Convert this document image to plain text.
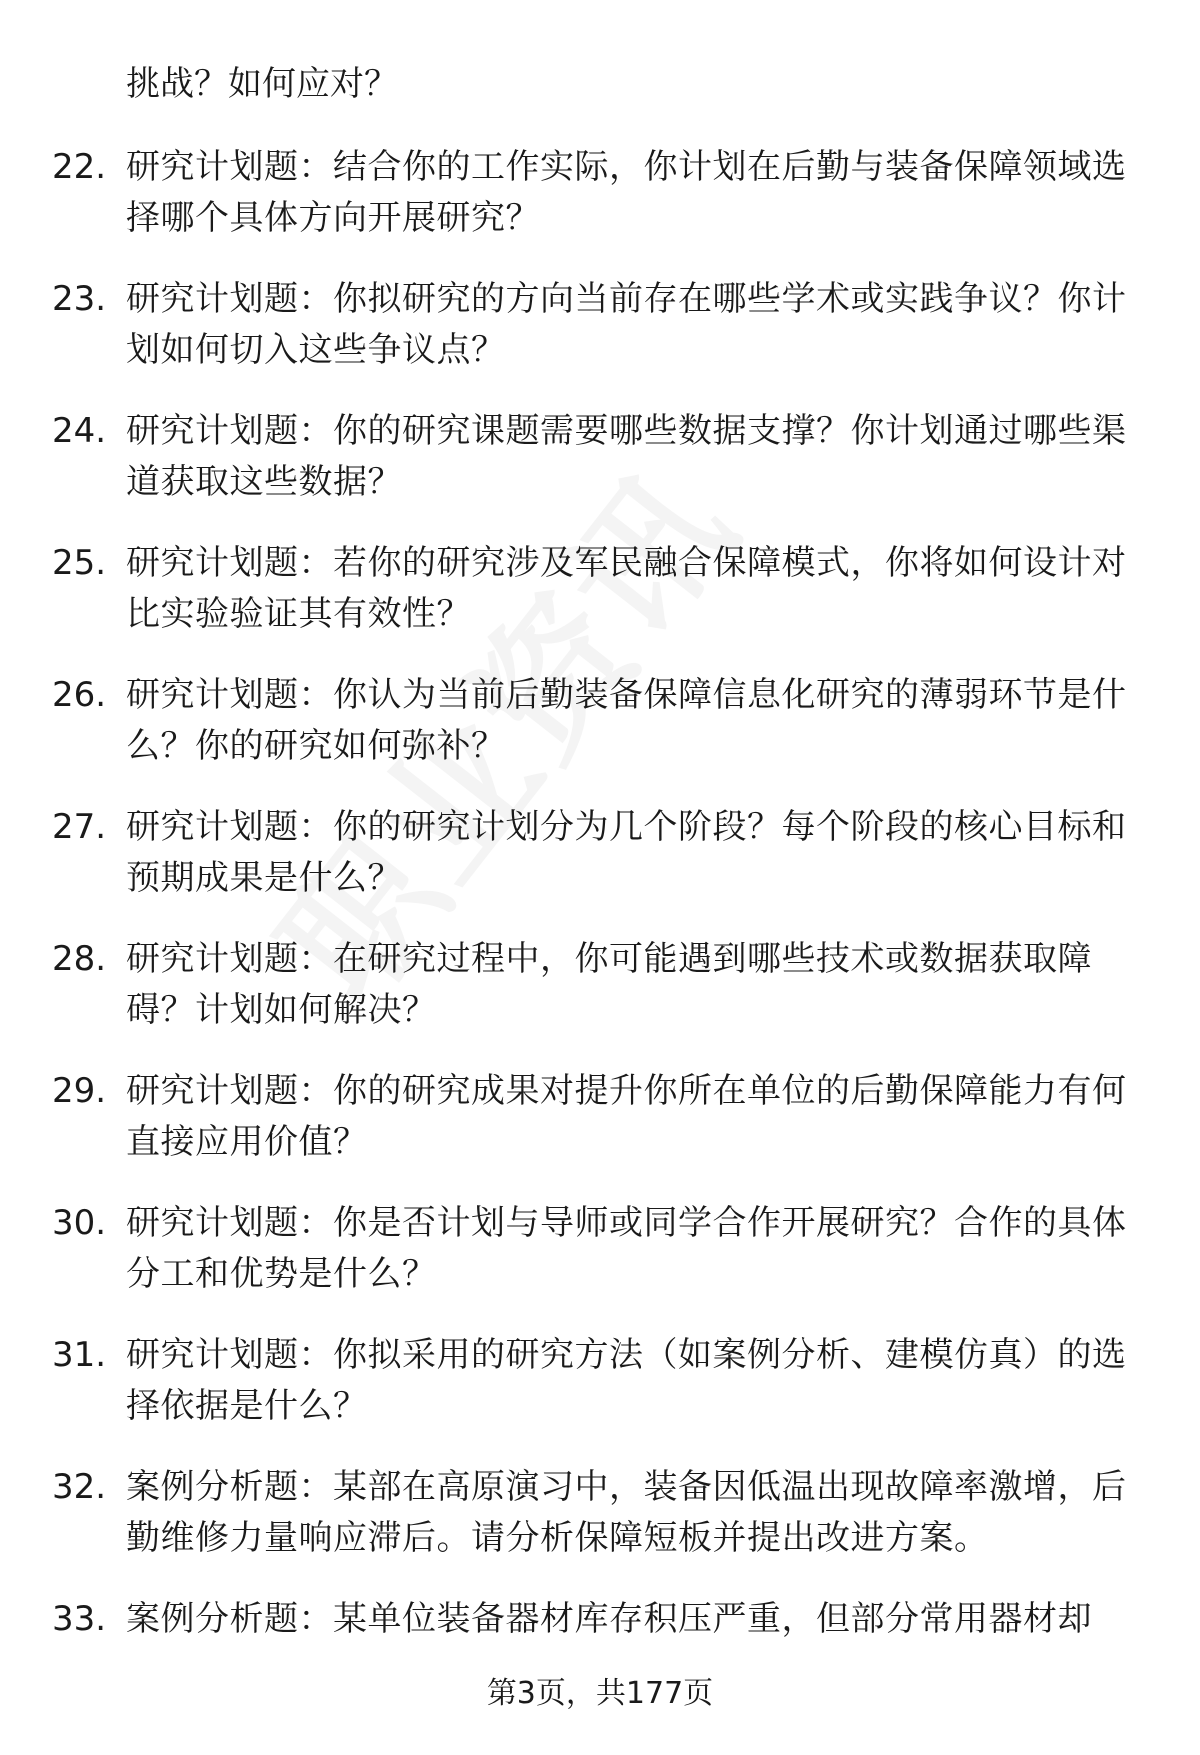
挑战？如何应对？
22. 研究计划题：结合你的工作实际，你计划在后勤与装备保障领域选择哪个具体方向开展研究？
23. 研究计划题：你拟研究的方向当前存在哪些学术或实践争议？你计划如何切入这些争议点？
24. 研究计划题：你的研究课题需要哪些数据支撑？你计划通过哪些渠道获取这些数据？
25. 研究计划题：若你的研究涉及军民融合保障模式，你将如何设计对比实验验证其有效性？
26. 研究计划题：你认为当前后勤装备保障信息化研究的薄弱环节是什么？你的研究如何弥补？
27. 研究计划题：你的研究计划分为几个阶段？每个阶段的核心目标和预期成果是什么？
28. 研究计划题：在研究过程中，你可能遇到哪些技术或数据获取障碍？计划如何解决？
29. 研究计划题：你的研究成果对提升你所在单位的后勤保障能力有何直接应用价值？
30. 研究计划题：你是否计划与导师或同学合作开展研究？合作的具体分工和优势是什么？
31. 研究计划题：你拟采用的研究方法（如案例分析、建模仿真）的选择依据是什么？
32. 案例分析题：某部在高原演习中，装备因低温出现故障率激增，后勤维修力量响应滞后。请分析保障短板并提出改进方案。
33. 案例分析题：某单位装备器材库存积压严重，但部分常用器材却
第3页，共177页
